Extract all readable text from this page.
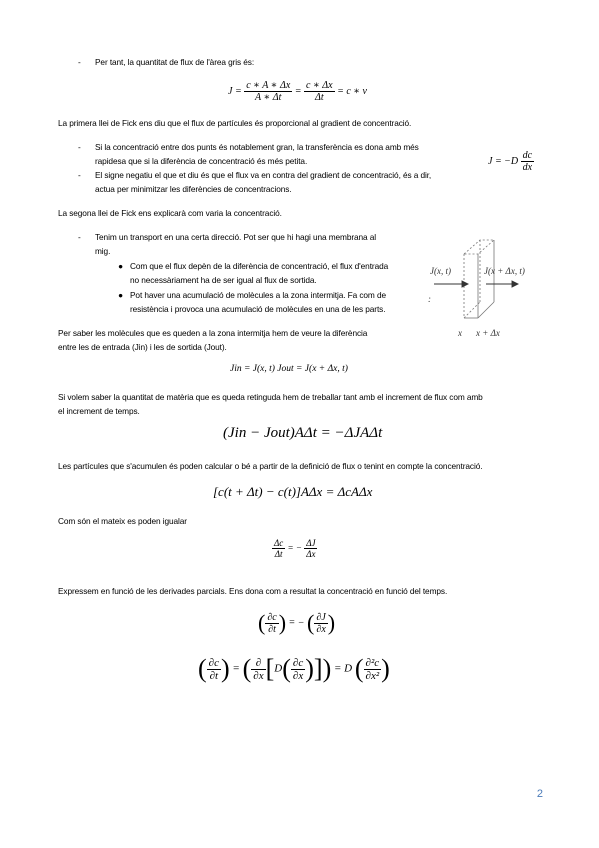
- Per tant, la quantitat de flux de l'àrea gris és:
$J = \frac{c ∗ A ∗ \Delta x}{A ∗ \Delta t} = \frac{c ∗ \Delta x}{\Delta t} = c$ ∗ v
La primera llei de Fick ens diu que el flux de partícules és proporcional al gradient de concentració.
- Si la concentració entre dos punts és notablement gran, la transferència es dona amb més
rapidesa que si la diferència de concentració és més petita.
- El signe negatiu el que et diu és que el flux va en contra del gradient de concentració, és a dir,
actua per minimitzar les diferències de concentracions.
$J = -D \frac{dc}{dx}$
La segona llei de Fick ens explicarà com varia la concentració.
- Tenim un transport en una certa direcció. Pot ser que hi hagi una membrana al
mig.
● Com que el flux depèn de la diferència de concentració, el flux d'entrada
no necessàriament ha de ser igual al flux de sortida.
● Pot haver una acumulació de molècules a la zona intermitja. Fa com de
resistència i provoca una acumulació de molècules en una de les parts.
J(x, t)	J(x + Δx, t)
x x + Δx
:
Per saber les molècules que es queden a la zona intermitja hem de veure la diferència
entre les de entrada (Jin) i les de sortida (Jout).
Jin = J(x, t) Jout = J(x + Δx, t)
Si volem saber la quantitat de matèria que es queda retinguda hem de treballar tant amb el increment de flux com amb
el increment de temps.
(Jin − Jout)AΔt = −ΔJAΔt
Les partícules que s'acumulen és poden calcular o bé a partir de la definició de flux o tenint en compte la concentració.
[c(t + Δt) − c(t)]AΔx = ΔcAΔx
Com són el mateix es poden igualar
$\frac{\Delta c}{\Delta t}$ = − $\frac{\Delta J}{\Delta x}$
Expressem en funció de les derivades parcials. Ens dona com a resultat la concentració en funció del temps.
( $\frac{\partial c}{\partial t}$ ) = − ( $\frac{\partial J}{\partial x}$ )
( $\frac{\partial c}{\partial t}$ ) = ( $\frac{\partial}{\partial x} [D( \frac{\partial c}{\partial x}$ )]) = D ( $\frac{\text{∂²c}}{\text{∂x²}}$ )
2
